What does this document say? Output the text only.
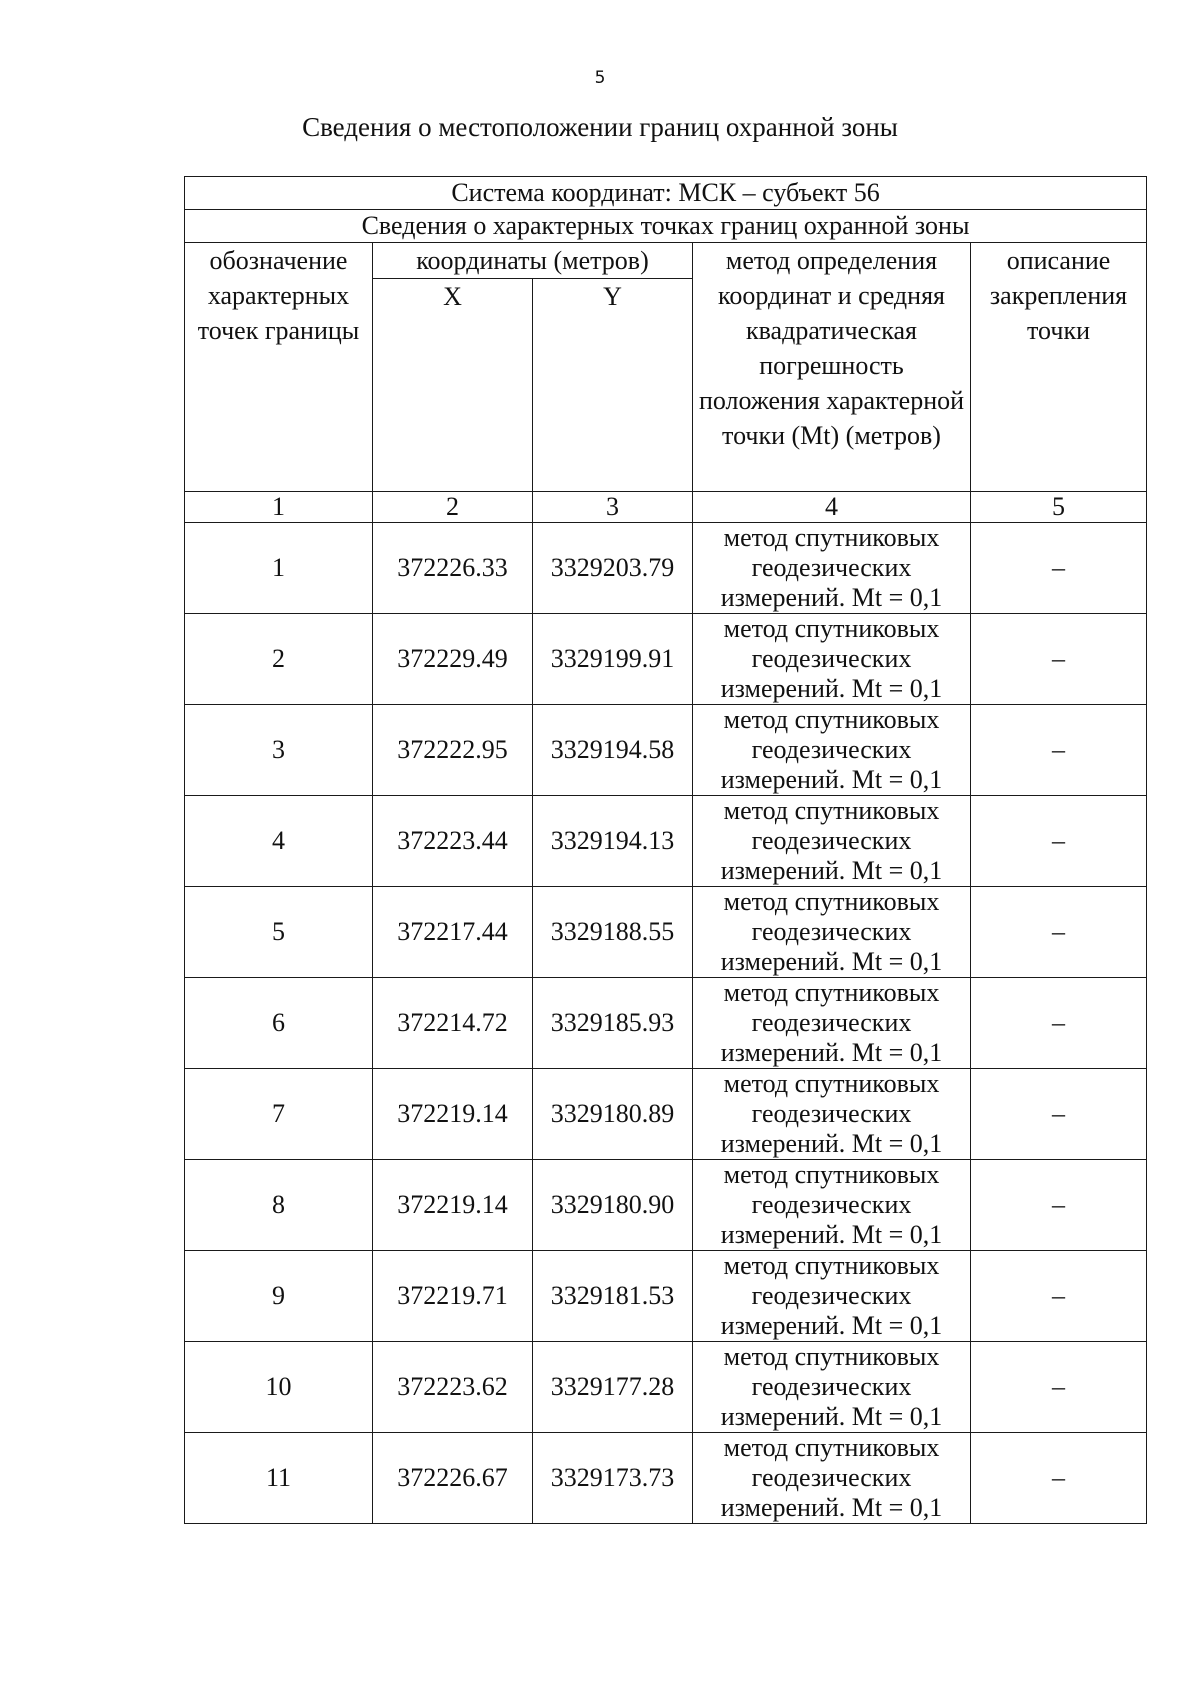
5
Сведения о местоположении границ охранной зоны
Система координат: МСК – субъект 56				
Сведения о характерных точках границ охранной зоны				
обозначение характерных точек границы	координаты (метров)		метод определения координат и средняя квадратическая погрешность положения характерной точки (Mt) (метров)	описание закрепления точки
	X	Y		
1	2	3	4	5
1	372226.33	3329203.79	метод спутниковых геодезических измерений. Mt = 0,1	–
2	372229.49	3329199.91	метод спутниковых геодезических измерений. Mt = 0,1	–
3	372222.95	3329194.58	метод спутниковых геодезических измерений. Mt = 0,1	–
4	372223.44	3329194.13	метод спутниковых геодезических измерений. Mt = 0,1	–
5	372217.44	3329188.55	метод спутниковых геодезических измерений. Mt = 0,1	–
6	372214.72	3329185.93	метод спутниковых геодезических измерений. Mt = 0,1	–
7	372219.14	3329180.89	метод спутниковых геодезических измерений. Mt = 0,1	–
8	372219.14	3329180.90	метод спутниковых геодезических измерений. Mt = 0,1	–
9	372219.71	3329181.53	метод спутниковых геодезических измерений. Mt = 0,1	–
10	372223.62	3329177.28	метод спутниковых геодезических измерений. Mt = 0,1	–
11	372226.67	3329173.73	метод спутниковых геодезических измерений. Mt = 0,1	–
